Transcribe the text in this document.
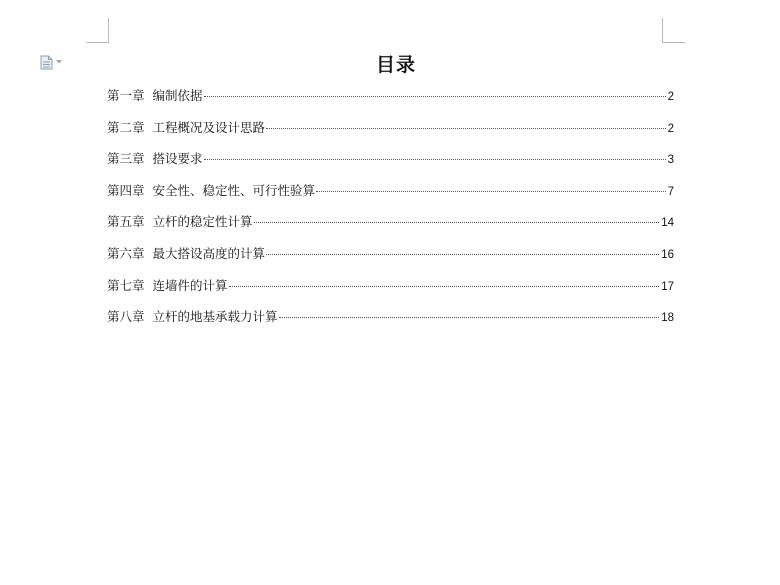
目录
第一章 编制依据	2
第二章 工程概况及设计思路	2
第三章 搭设要求	3
第四章 安全性、稳定性、可行性验算	7
第五章 立杆的稳定性计算	14
第六章 最大搭设高度的计算	16
第七章 连墙件的计算	17
第八章 立杆的地基承载力计算	18
